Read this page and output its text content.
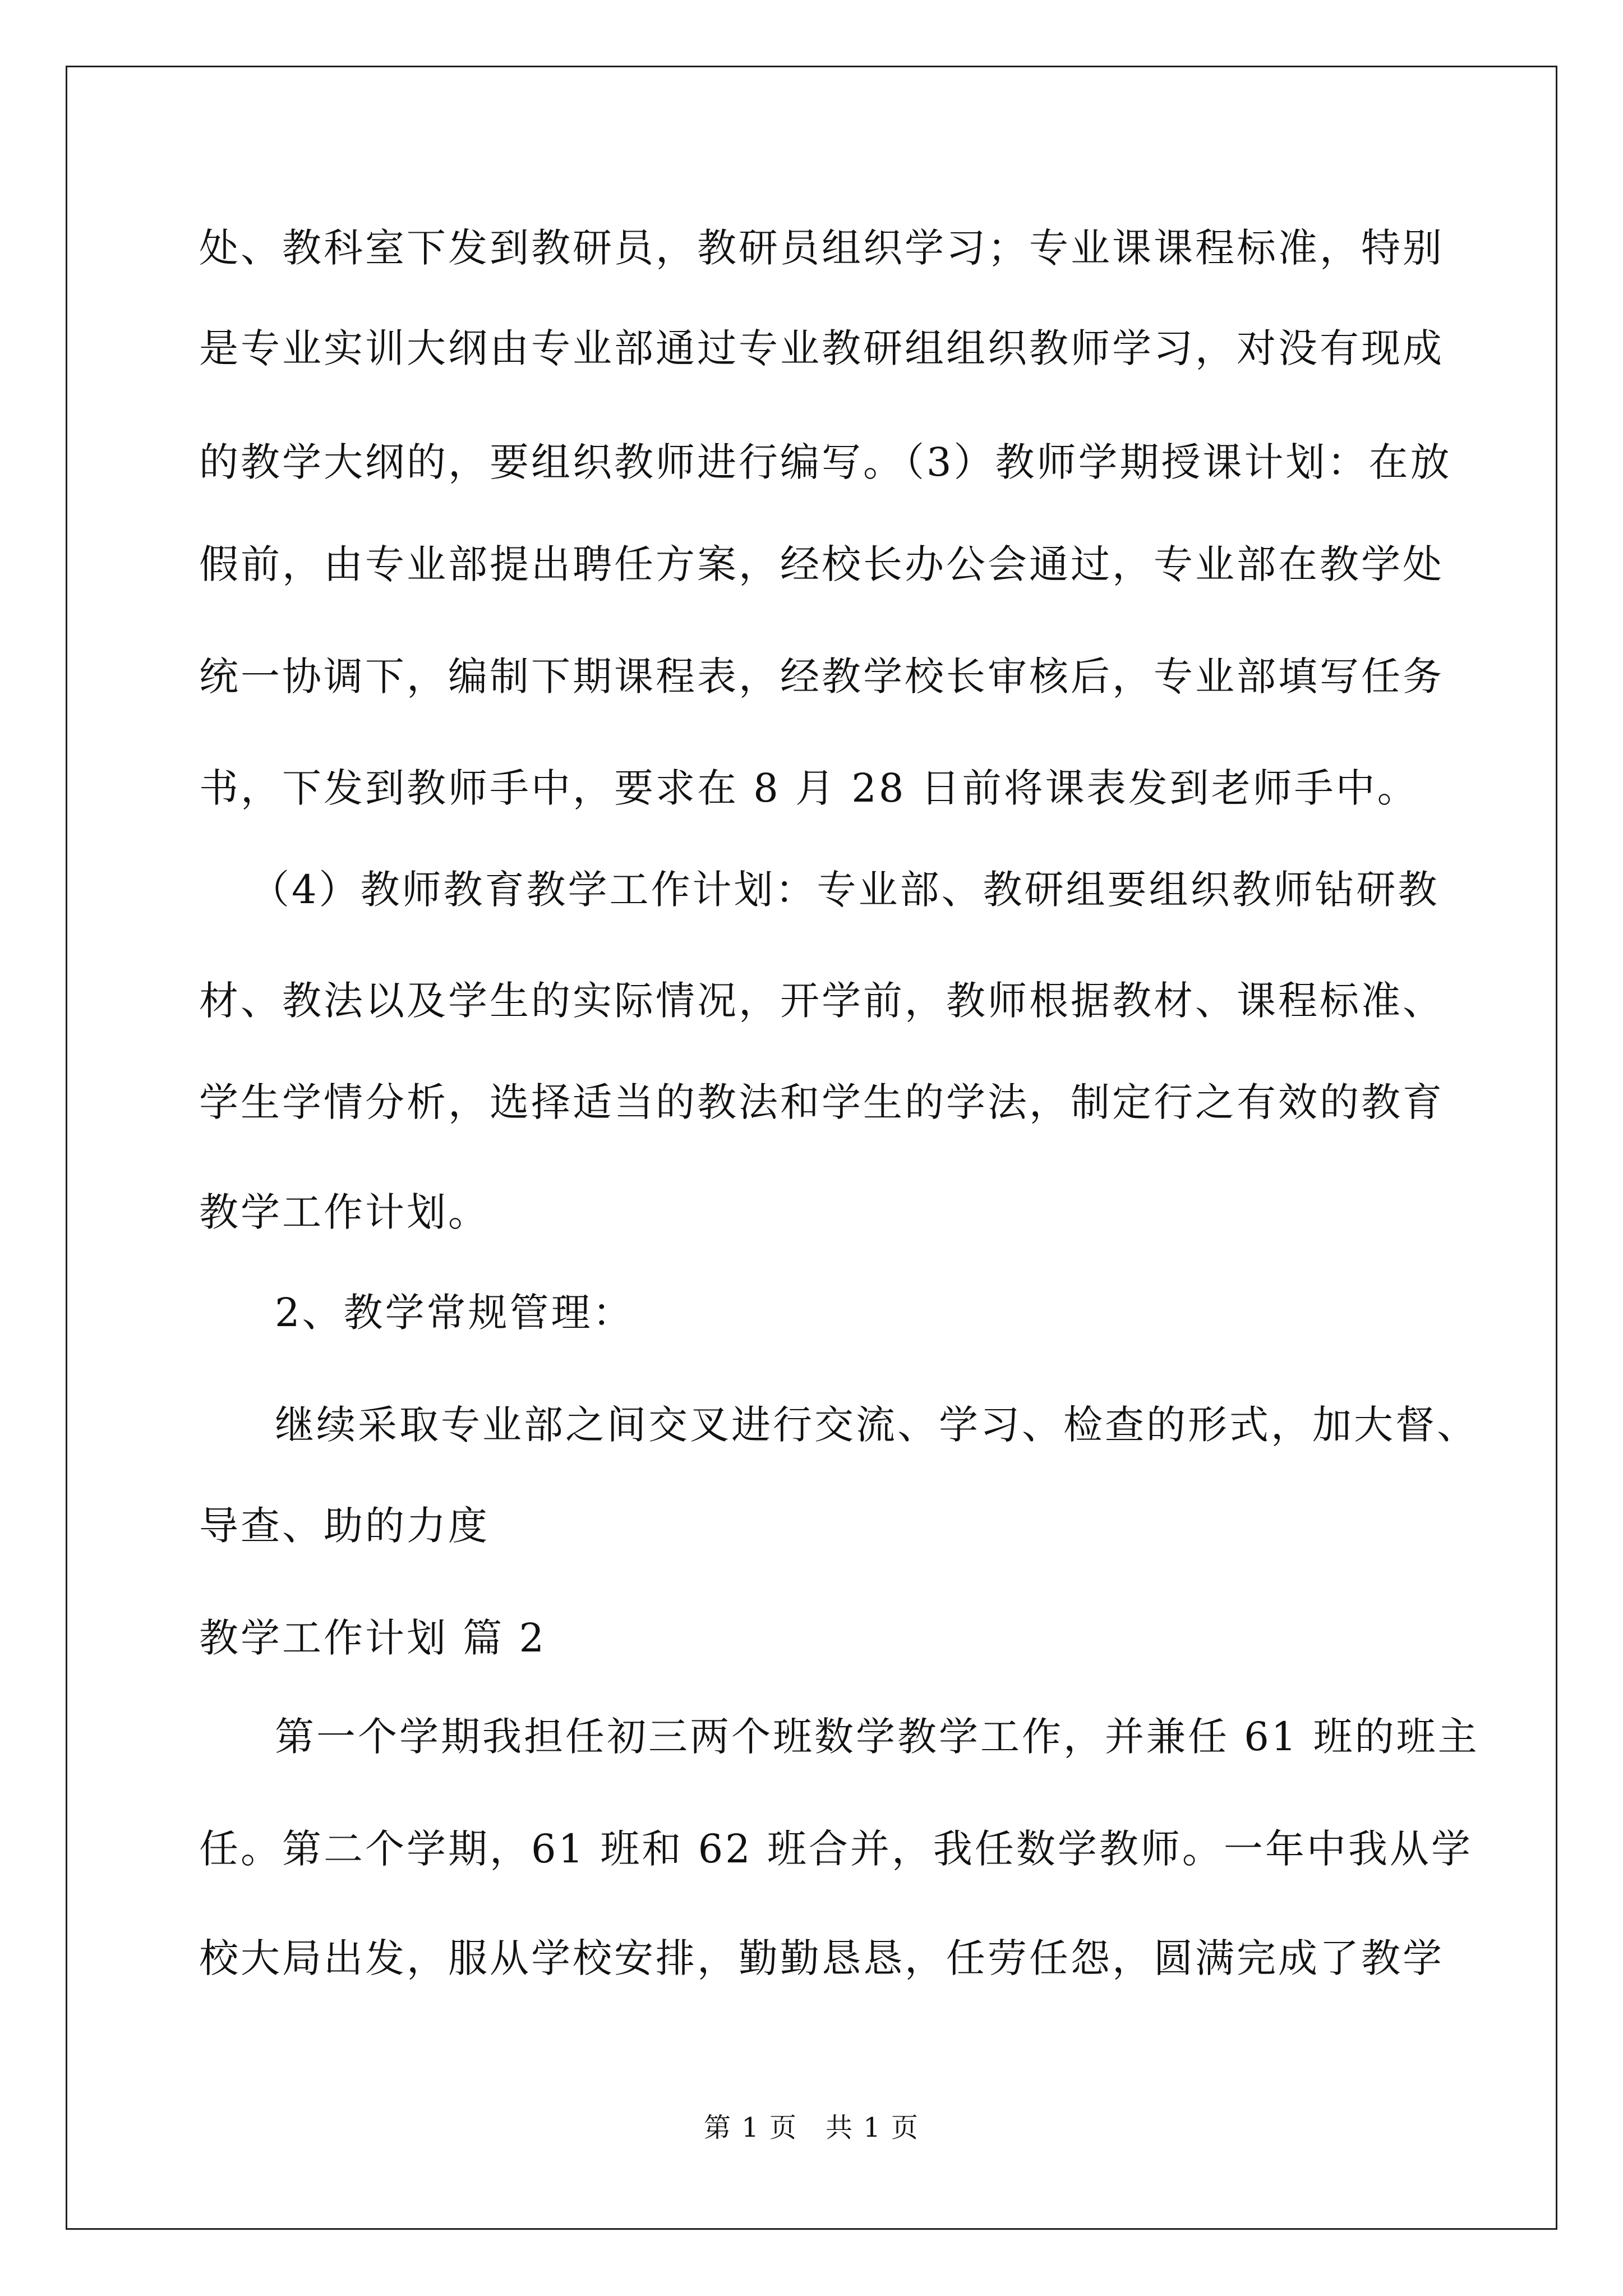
处、教科室下发到教研员，教研员组织学习；专业课课程标准，特别
是专业实训大纲由专业部通过专业教研组组织教师学习，对没有现成
的教学大纲的，要组织教师进行编写。（3）教师学期授课计划：在放
假前，由专业部提出聘任方案，经校长办公会通过，专业部在教学处
统一协调下，编制下期课程表，经教学校长审核后，专业部填写任务
书，下发到教师手中，要求在 8 月 28 日前将课表发到老师手中。
（4）教师教育教学工作计划：专业部、教研组要组织教师钻研教
材、教法以及学生的实际情况，开学前，教师根据教材、课程标准、
学生学情分析，选择适当的教法和学生的学法，制定行之有效的教育
教学工作计划。
2、教学常规管理：
继续采取专业部之间交叉进行交流、学习、检查的形式，加大督、
导查、助的力度
教学工作计划 篇 2
第一个学期我担任初三两个班数学教学工作，并兼任 61 班的班主
任。第二个学期，61 班和 62 班合并，我任数学教师。一年中我从学
校大局出发，服从学校安排，勤勤恳恳，任劳任怨，圆满完成了教学
第 1 页　共 1 页
